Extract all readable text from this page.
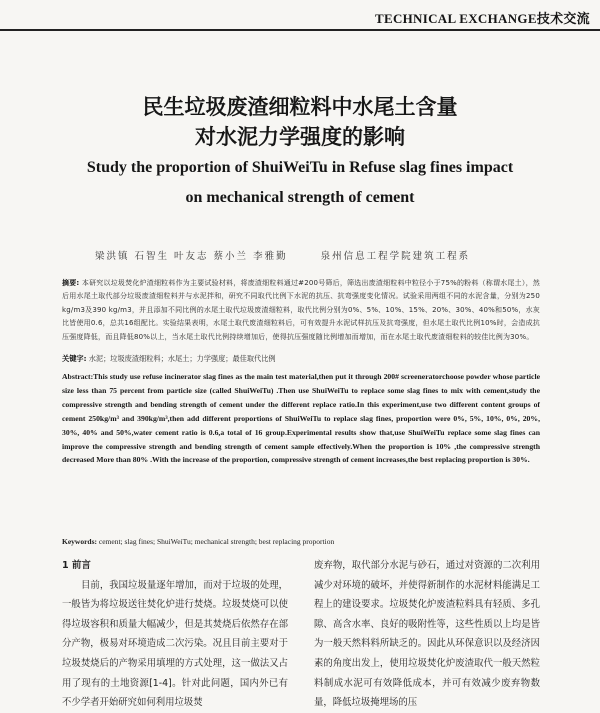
TECHNICAL EXCHANGE技术交流
民生垃圾废渣细粒料中水尾土含量
对水泥力学强度的影响
Study the proportion of ShuiWeiTu in Refuse slag fines impact
on mechanical strength of cement
梁洪镇 石智生 叶友志 蔡小兰 李雅勤	泉州信息工程学院建筑工程系
摘要: 本研究以垃圾焚化炉渣细粒料作为主要试验材料，将废渣细粒料通过#200号筛后，筛选出废渣细粒料中粒径小于75%的粉料（称谓水尾土），然后用水尾土取代部分垃圾废渣细粒料并与水泥拌和，研究不同取代比例下水泥的抗压、抗弯强度变化情况。试验采用两组不同的水泥含量，分别为250 kg/m3及390 kg/m3，并且添加不同比例的水尾土取代垃圾废渣细粒料，取代比例分别为0%、5%、10%、15%、20%、30%、40%和50%，水灰比皆使用0.6，总共16组配比。实验结果表明，水尾土取代废渣细粒料后，可有效提升水泥试样抗压及抗弯强度，但水尾土取代比例10%时，会造成抗压强度降低，而且降低80%以上，当水尾土取代比例持续增加后，使得抗压强度随比例增加而增加，而在水尾土取代废渣细粒料的较佳比例为30%。
关键字: 水泥；垃圾废渣细粒料；水尾土；力学强度；最佳取代比例
Abstract:This study use refuse incinerator slag fines as the main test material,then put it through 200# screeneratorchoose powder whose particle size less than 75 percent from particle size (called ShuiWeiTu) .Then use ShuiWeiTu to replace some slag fines to mix with cement,study the compressive strength and bending strength of cement under the different replace ratio.In this experiment,use two different content groups of cement 250kg/m³ and 390kg/m³,then add different proportions of ShuiWeiTu to replace slag fines, proportion were 0%, 5%, 10%, 0%, 20%, 30%, 40% and 50%,water cement ratio is 0.6,a total of 16 group.Experimental results show that,use ShuiWeiTu replace some slag fines can improve the compressive strength and bending strength of cement sample effectively.When the proportion is 10% ,the compressive strength decreased More than 80% .With the increase of the proportion, compressive strength of cement increases,the best replacing proportion is 30%.
Keywords: cement; slag fines; ShuiWeiTu; mechanical strength; best replacing proportion
1 前言
目前，我国垃圾量逐年增加，而对于垃圾的处理，一般皆为将垃圾送往焚化炉进行焚烧。垃圾焚烧可以使得垃圾容积和质量大幅减少，但是其焚烧后依然存在部分产物，极易对环境造成二次污染。况且目前主要对于垃圾焚烧后的产物采用填埋的方式处理，这一做法又占用了现有的土地资源[1-4]。针对此问题，国内外已有不少学者开始研究如何利用垃圾焚
废弃物，取代部分水泥与砂石，通过对资源的二次利用减少对环境的破坏，并使得新制作的水泥材料能满足工程上的建设要求。垃圾焚化炉废渣粒料具有轻质、多孔隙、高含水率、良好的吸附性等，这些性质以上均是皆为一般天然料料所缺乏的。因此从环保意识以及经济因素的角度出发上，使用垃圾焚化炉废渣取代一般天然粒料制成水泥可有效降低成本，并可有效减少废弃物数量，降低垃圾掩埋场的压
